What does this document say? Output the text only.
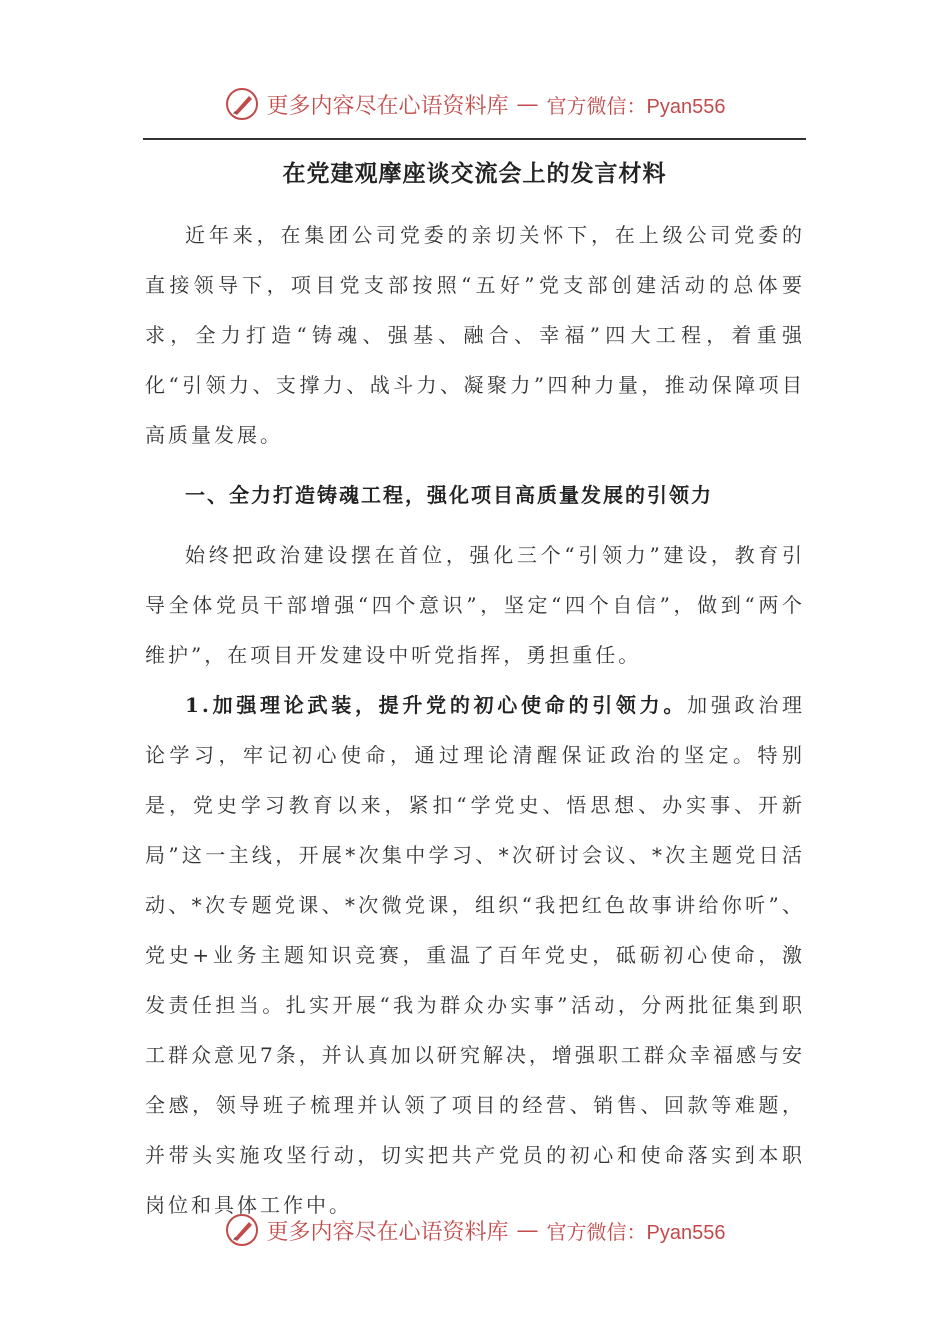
更多内容尽在心语资料库 — 官方微信：Pyan556
在党建观摩座谈交流会上的发言材料

近年来，在集团公司党委的亲切关怀下，在上级公司党委的直接领导下，项目党支部按照“五好”党支部创建活动的总体要求，全力打造“铸魂、强基、融合、幸福”四大工程，着重强化“引领力、支撑力、战斗力、凝聚力”四种力量，推动保障项目高质量发展。

一、全力打造铸魂工程，强化项目高质量发展的引领力

始终把政治建设摆在首位，强化三个“引领力”建设，教育引导全体党员干部增强“四个意识”，坚定“四个自信”，做到“两个维护”，在项目开发建设中听党指挥，勇担重任。

1.加强理论武装，提升党的初心使命的引领力。加强政治理论学习，牢记初心使命，通过理论清醒保证政治的坚定。特别是，党史学习教育以来，紧扣“学党史、悟思想、办实事、开新局”这一主线，开展*次集中学习、*次研讨会议、*次主题党日活动、*次专题党课、*次微党课，组织“我把红色故事讲给你听”、党史+业务主题知识竞赛，重温了百年党史，砥砺初心使命，激发责任担当。扎实开展“我为群众办实事”活动，分两批征集到职工群众意见7条，并认真加以研究解决，增强职工群众幸福感与安全感，领导班子梳理并认领了项目的经营、销售、回款等难题，并带头实施攻坚行动，切实把共产党员的初心和使命落实到本职岗位和具体工作中。

更多内容尽在心语资料库 — 官方微信：Pyan556
